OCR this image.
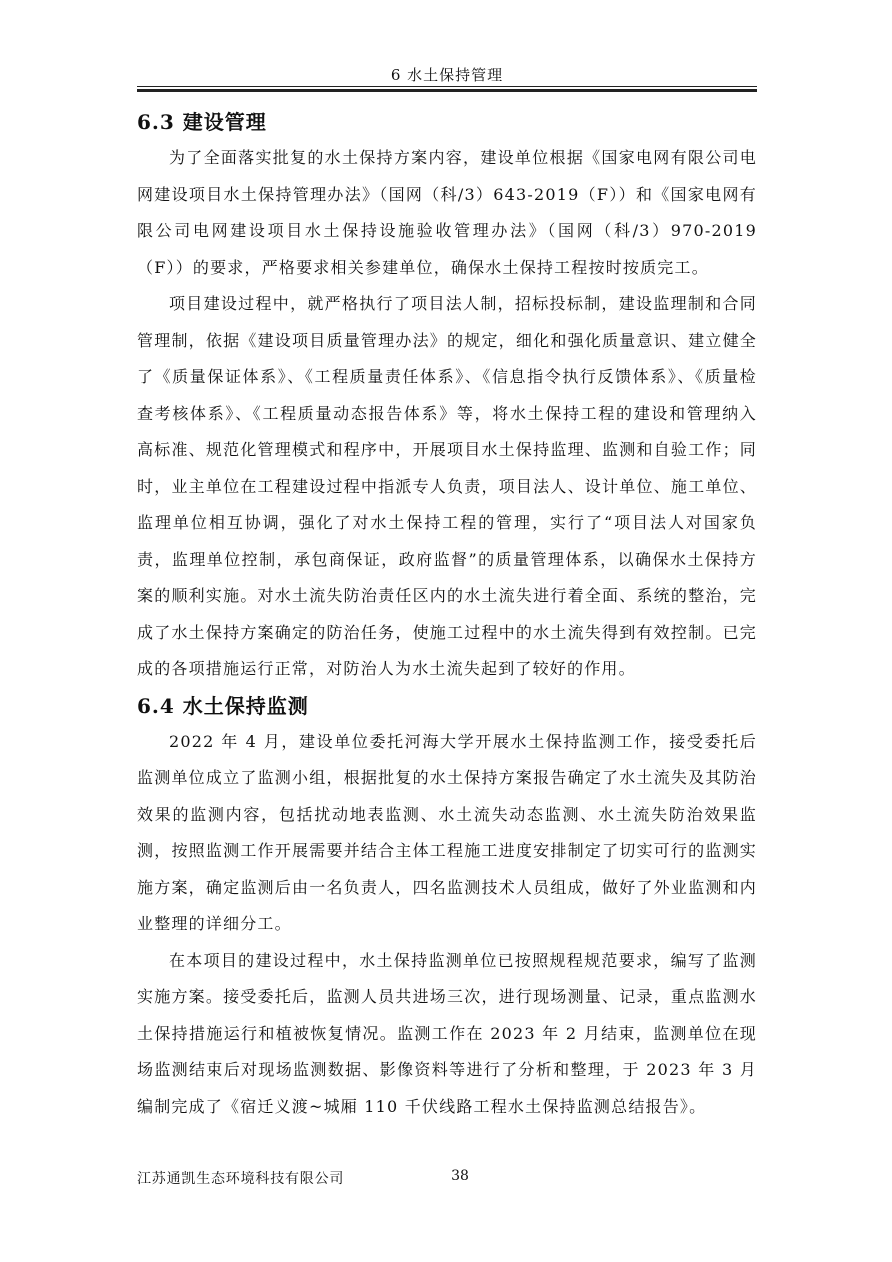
6 水土保持管理
6.3 建设管理

为了全面落实批复的水土保持方案内容，建设单位根据《国家电网有限公司电网建设项目水土保持管理办法》（国网（科/3）643-2019（F））和《国家电网有限公司电网建设项目水土保持设施验收管理办法》（国网（科/3）970-2019（F））的要求，严格要求相关参建单位，确保水土保持工程按时按质完工。

项目建设过程中，就严格执行了项目法人制，招标投标制，建设监理制和合同管理制，依据《建设项目质量管理办法》的规定，细化和强化质量意识、建立健全了《质量保证体系》、《工程质量责任体系》、《信息指令执行反馈体系》、《质量检查考核体系》、《工程质量动态报告体系》等，将水土保持工程的建设和管理纳入高标准、规范化管理模式和程序中，开展项目水土保持监理、监测和自验工作；同时，业主单位在工程建设过程中指派专人负责，项目法人、设计单位、施工单位、监理单位相互协调，强化了对水土保持工程的管理，实行了“项目法人对国家负责，监理单位控制，承包商保证，政府监督”的质量管理体系，以确保水土保持方案的顺利实施。对水土流失防治责任区内的水土流失进行着全面、系统的整治，完成了水土保持方案确定的防治任务，使施工过程中的水土流失得到有效控制。已完成的各项措施运行正常，对防治人为水土流失起到了较好的作用。

6.4 水土保持监测

2022 年 4 月，建设单位委托河海大学开展水土保持监测工作，接受委托后监测单位成立了监测小组，根据批复的水土保持方案报告确定了水土流失及其防治效果的监测内容，包括扰动地表监测、水土流失动态监测、水土流失防治效果监测，按照监测工作开展需要并结合主体工程施工进度安排制定了切实可行的监测实施方案，确定监测后由一名负责人，四名监测技术人员组成，做好了外业监测和内业整理的详细分工。

在本项目的建设过程中，水土保持监测单位已按照规程规范要求，编写了监测实施方案。接受委托后，监测人员共进场三次，进行现场测量、记录，重点监测水土保持措施运行和植被恢复情况。监测工作在 2023 年 2 月结束，监测单位在现场监测结束后对现场监测数据、影像资料等进行了分析和整理，于 2023 年 3 月编制完成了《宿迁义渡~城厢 110 千伏线路工程水土保持监测总结报告》。

江苏通凯生态环境科技有限公司	38
